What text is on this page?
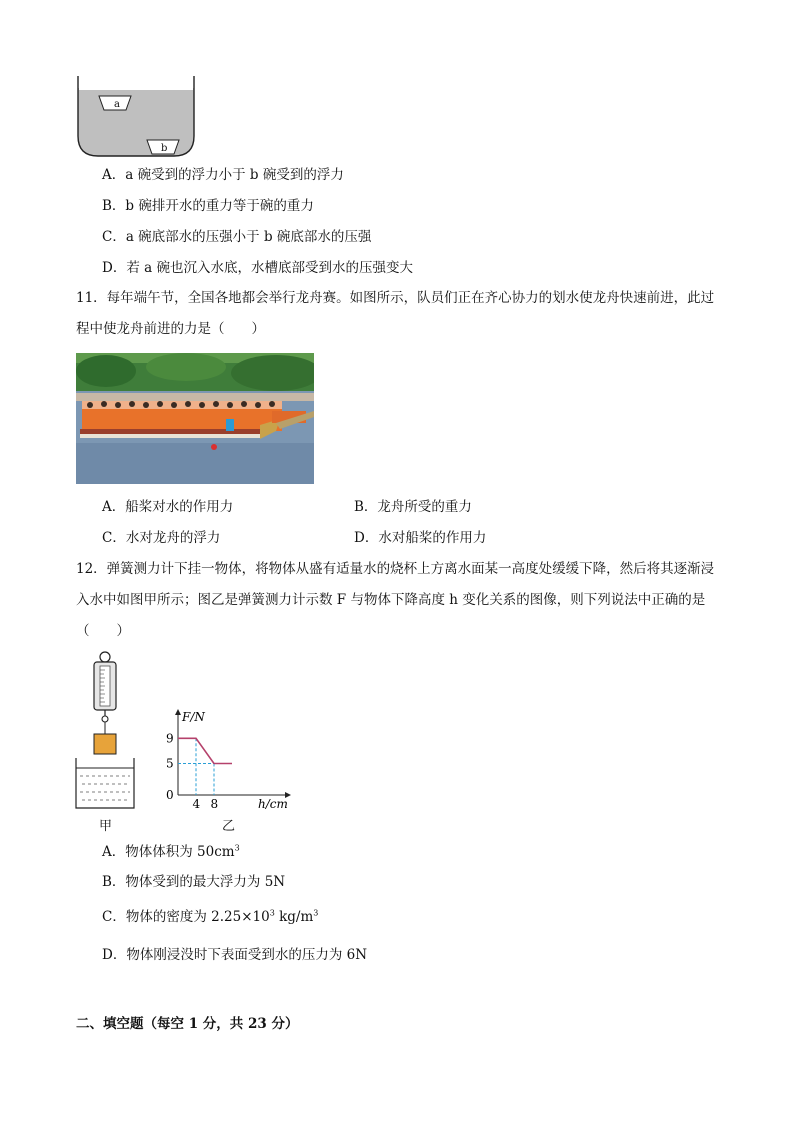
a
b
A．a 碗受到的浮力小于 b 碗受到的浮力
B．b 碗排开水的重力等于碗的重力
C．a 碗底部水的压强小于 b 碗底部水的压强
D．若 a 碗也沉入水底，水槽底部受到水的压强变大
11．每年端午节，全国各地都会举行龙舟赛。如图所示，队员们正在齐心协力的划水使龙舟快速前进，此过程中使龙舟前进的力是（　　）
A．船桨对水的作用力	B．龙舟所受的重力
C．水对龙舟的浮力	D．水对船桨的作用力
12．弹簧测力计下挂一物体，将物体从盛有适量水的烧杯上方离水面某一高度处缓缓下降，然后将其逐渐浸入水中如图甲所示；图乙是弹簧测力计示数 F 与物体下降高度 h 变化关系的图像，则下列说法中正确的是（　　）
甲
F/N
h/cm
4 8
9
5
0
乙
A．物体体积为 $50cm^3$
B．物体受到的最大浮力为 5N
C．物体的密度为 $2.25\times 10^3$ $kg/m^3$
D．物体刚浸没时下表面受到水的压力为 6N
二、填空题（每空 1 分，共 23 分）
